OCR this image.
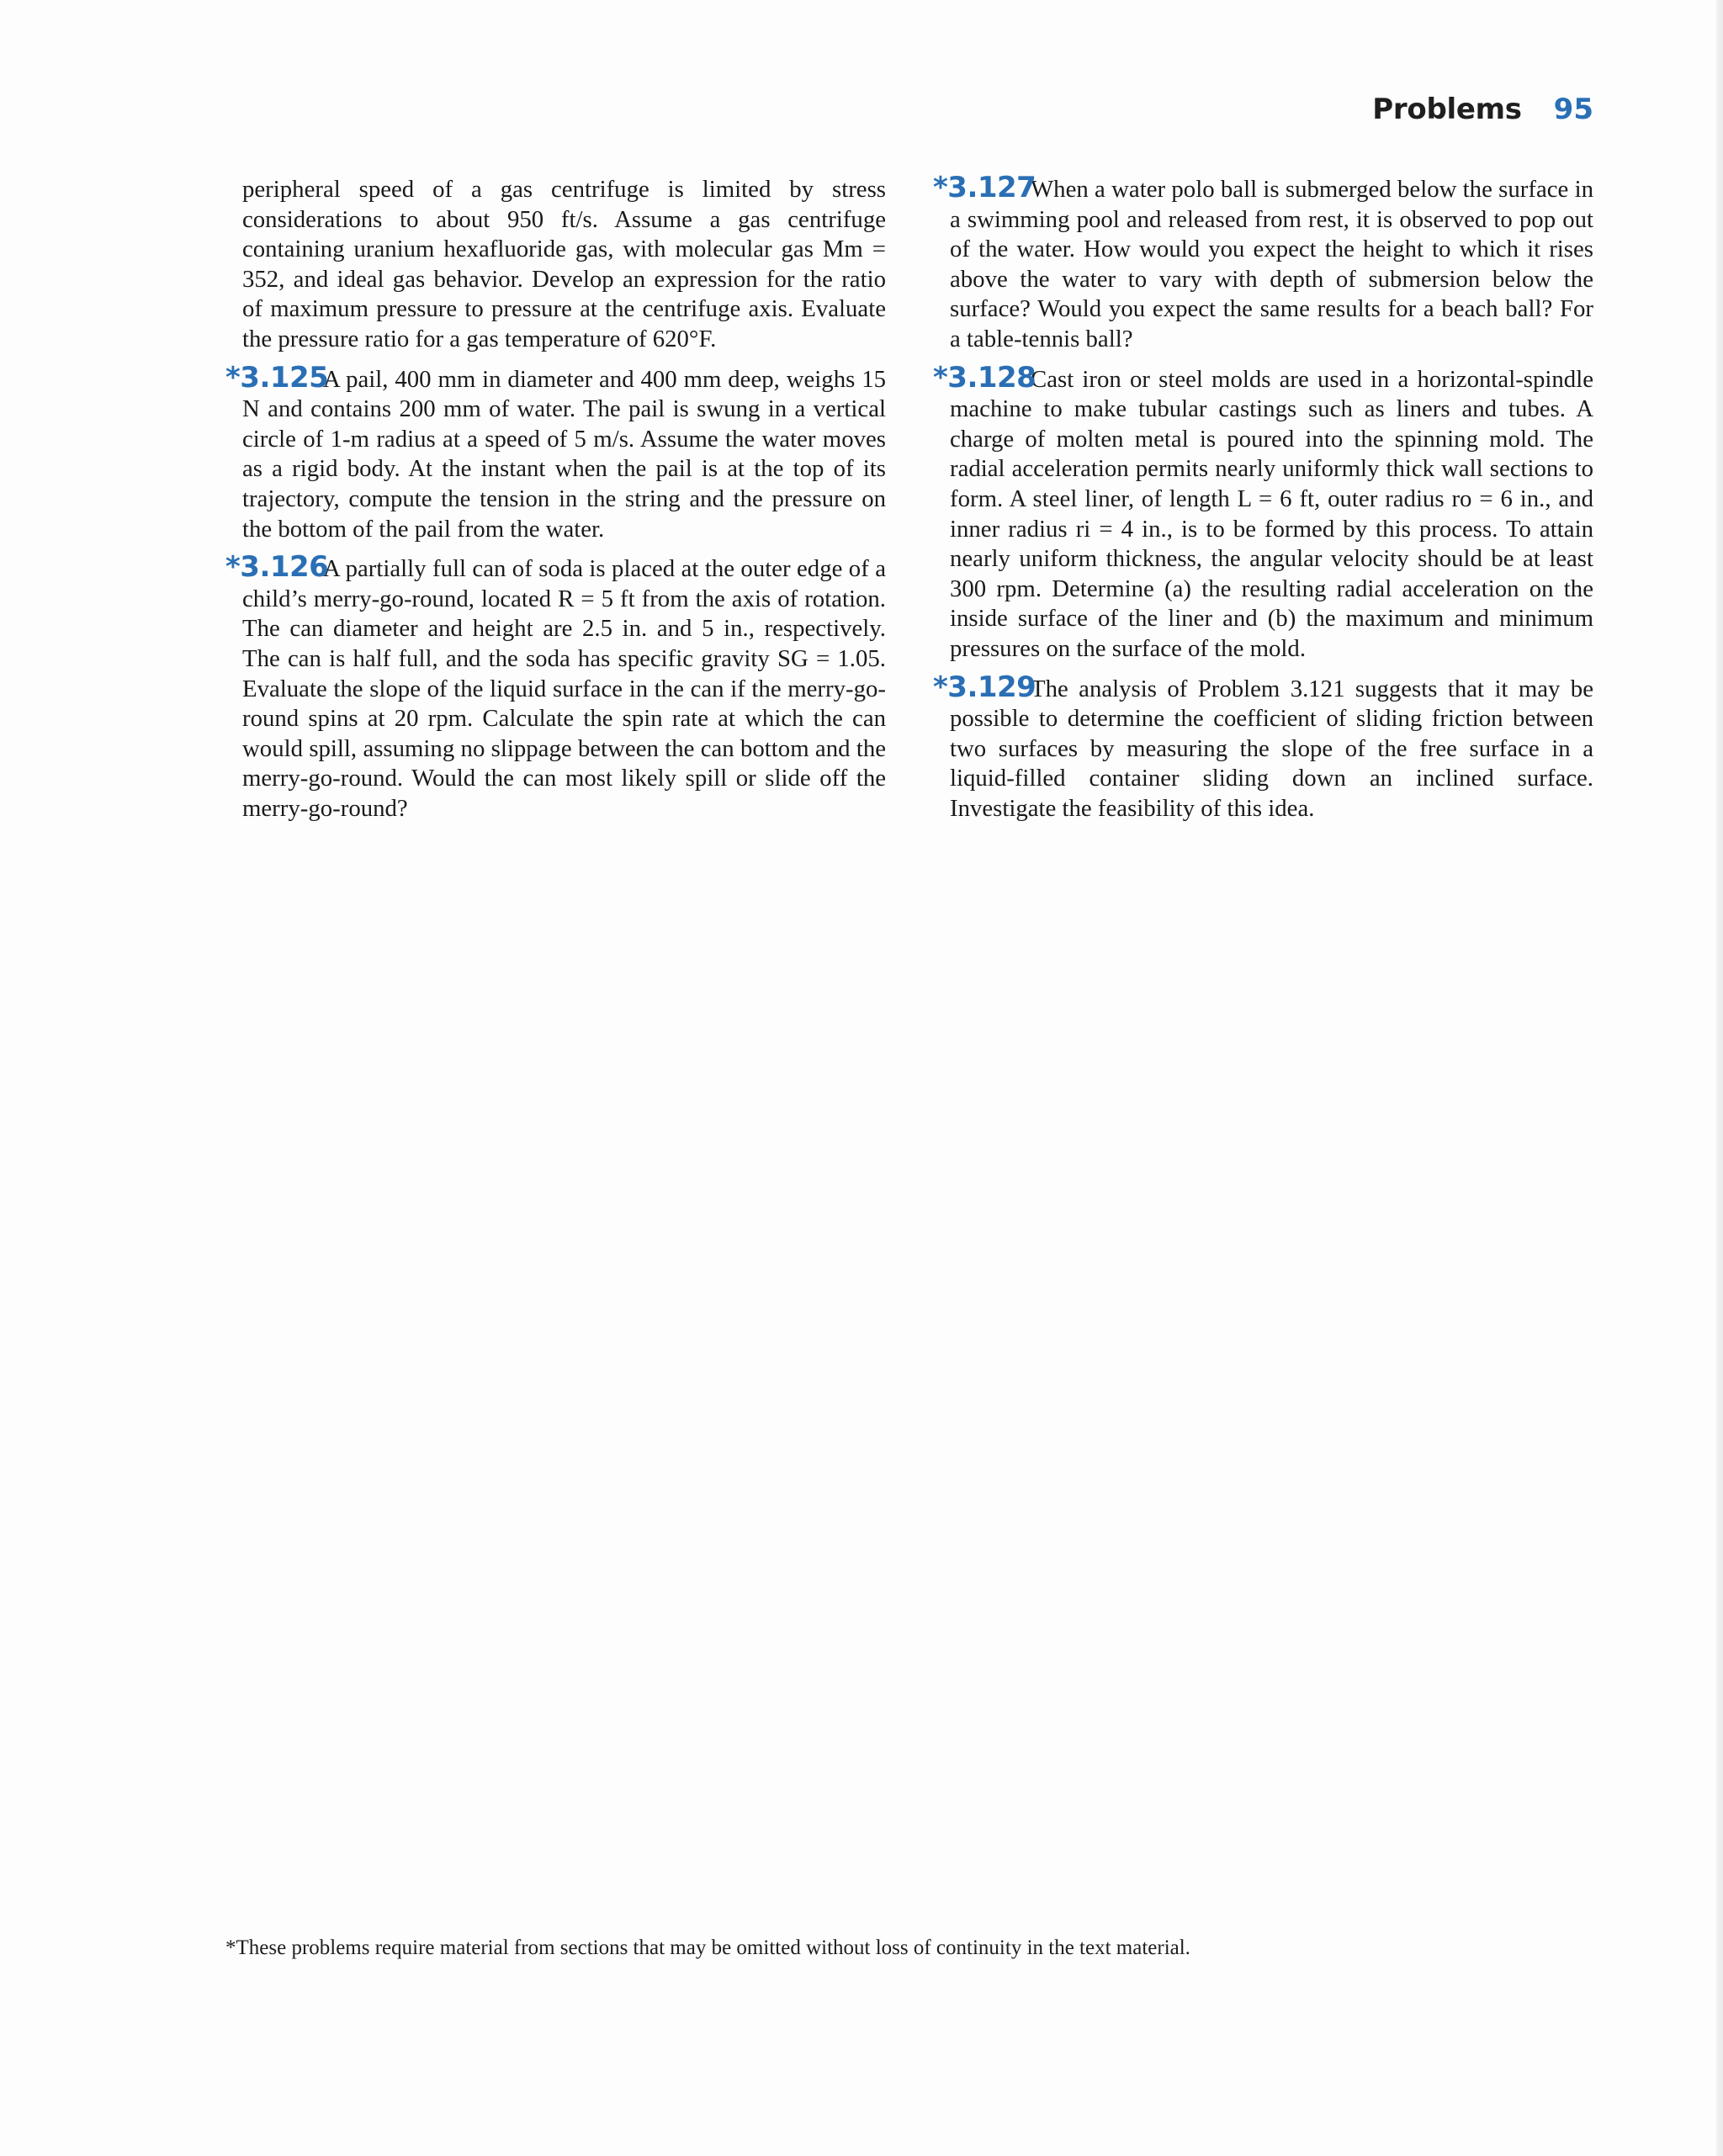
Problems 95

peripheral speed of a gas centrifuge is limited by stress considerations to about 950 ft/s. Assume a gas centrifuge containing uranium hexafluoride gas, with molecular gas Mm = 352, and ideal gas behavior. Develop an expression for the ratio of maximum pressure to pressure at the centrifuge axis. Evaluate the pressure ratio for a gas temperature of 620°F.

*3.125
A pail, 400 mm in diameter and 400 mm deep, weighs 15 N and contains 200 mm of water. The pail is swung in a vertical circle of 1-m radius at a speed of 5 m/s. Assume the water moves as a rigid body. At the instant when the pail is at the top of its trajectory, compute the tension in the string and the pressure on the bottom of the pail from the water.

*3.126
A partially full can of soda is placed at the outer edge of a child’s merry-go-round, located R = 5 ft from the axis of rotation. The can diameter and height are 2.5 in. and 5 in., respectively. The can is half full, and the soda has specific gravity SG = 1.05. Evaluate the slope of the liquid surface in the can if the merry-go-round spins at 20 rpm. Calculate the spin rate at which the can would spill, assuming no slippage between the can bottom and the merry-go-round. Would the can most likely spill or slide off the merry-go-round?

*3.127
When a water polo ball is submerged below the surface in a swimming pool and released from rest, it is observed to pop out of the water. How would you expect the height to which it rises above the water to vary with depth of submersion below the surface? Would you expect the same results for a beach ball? For a table-tennis ball?

*3.128
Cast iron or steel molds are used in a horizontal-spindle machine to make tubular castings such as liners and tubes. A charge of molten metal is poured into the spinning mold. The radial acceleration permits nearly uniformly thick wall sections to form. A steel liner, of length L = 6 ft, outer radius ro = 6 in., and inner radius ri = 4 in., is to be formed by this process. To attain nearly uniform thickness, the angular velocity should be at least 300 rpm. Determine (a) the resulting radial acceleration on the inside surface of the liner and (b) the maximum and minimum pressures on the surface of the mold.

*3.129
The analysis of Problem 3.121 suggests that it may be possible to determine the coefficient of sliding friction between two surfaces by measuring the slope of the free surface in a liquid-filled container sliding down an inclined surface. Investigate the feasibility of this idea.

*These problems require material from sections that may be omitted without loss of continuity in the text material.
